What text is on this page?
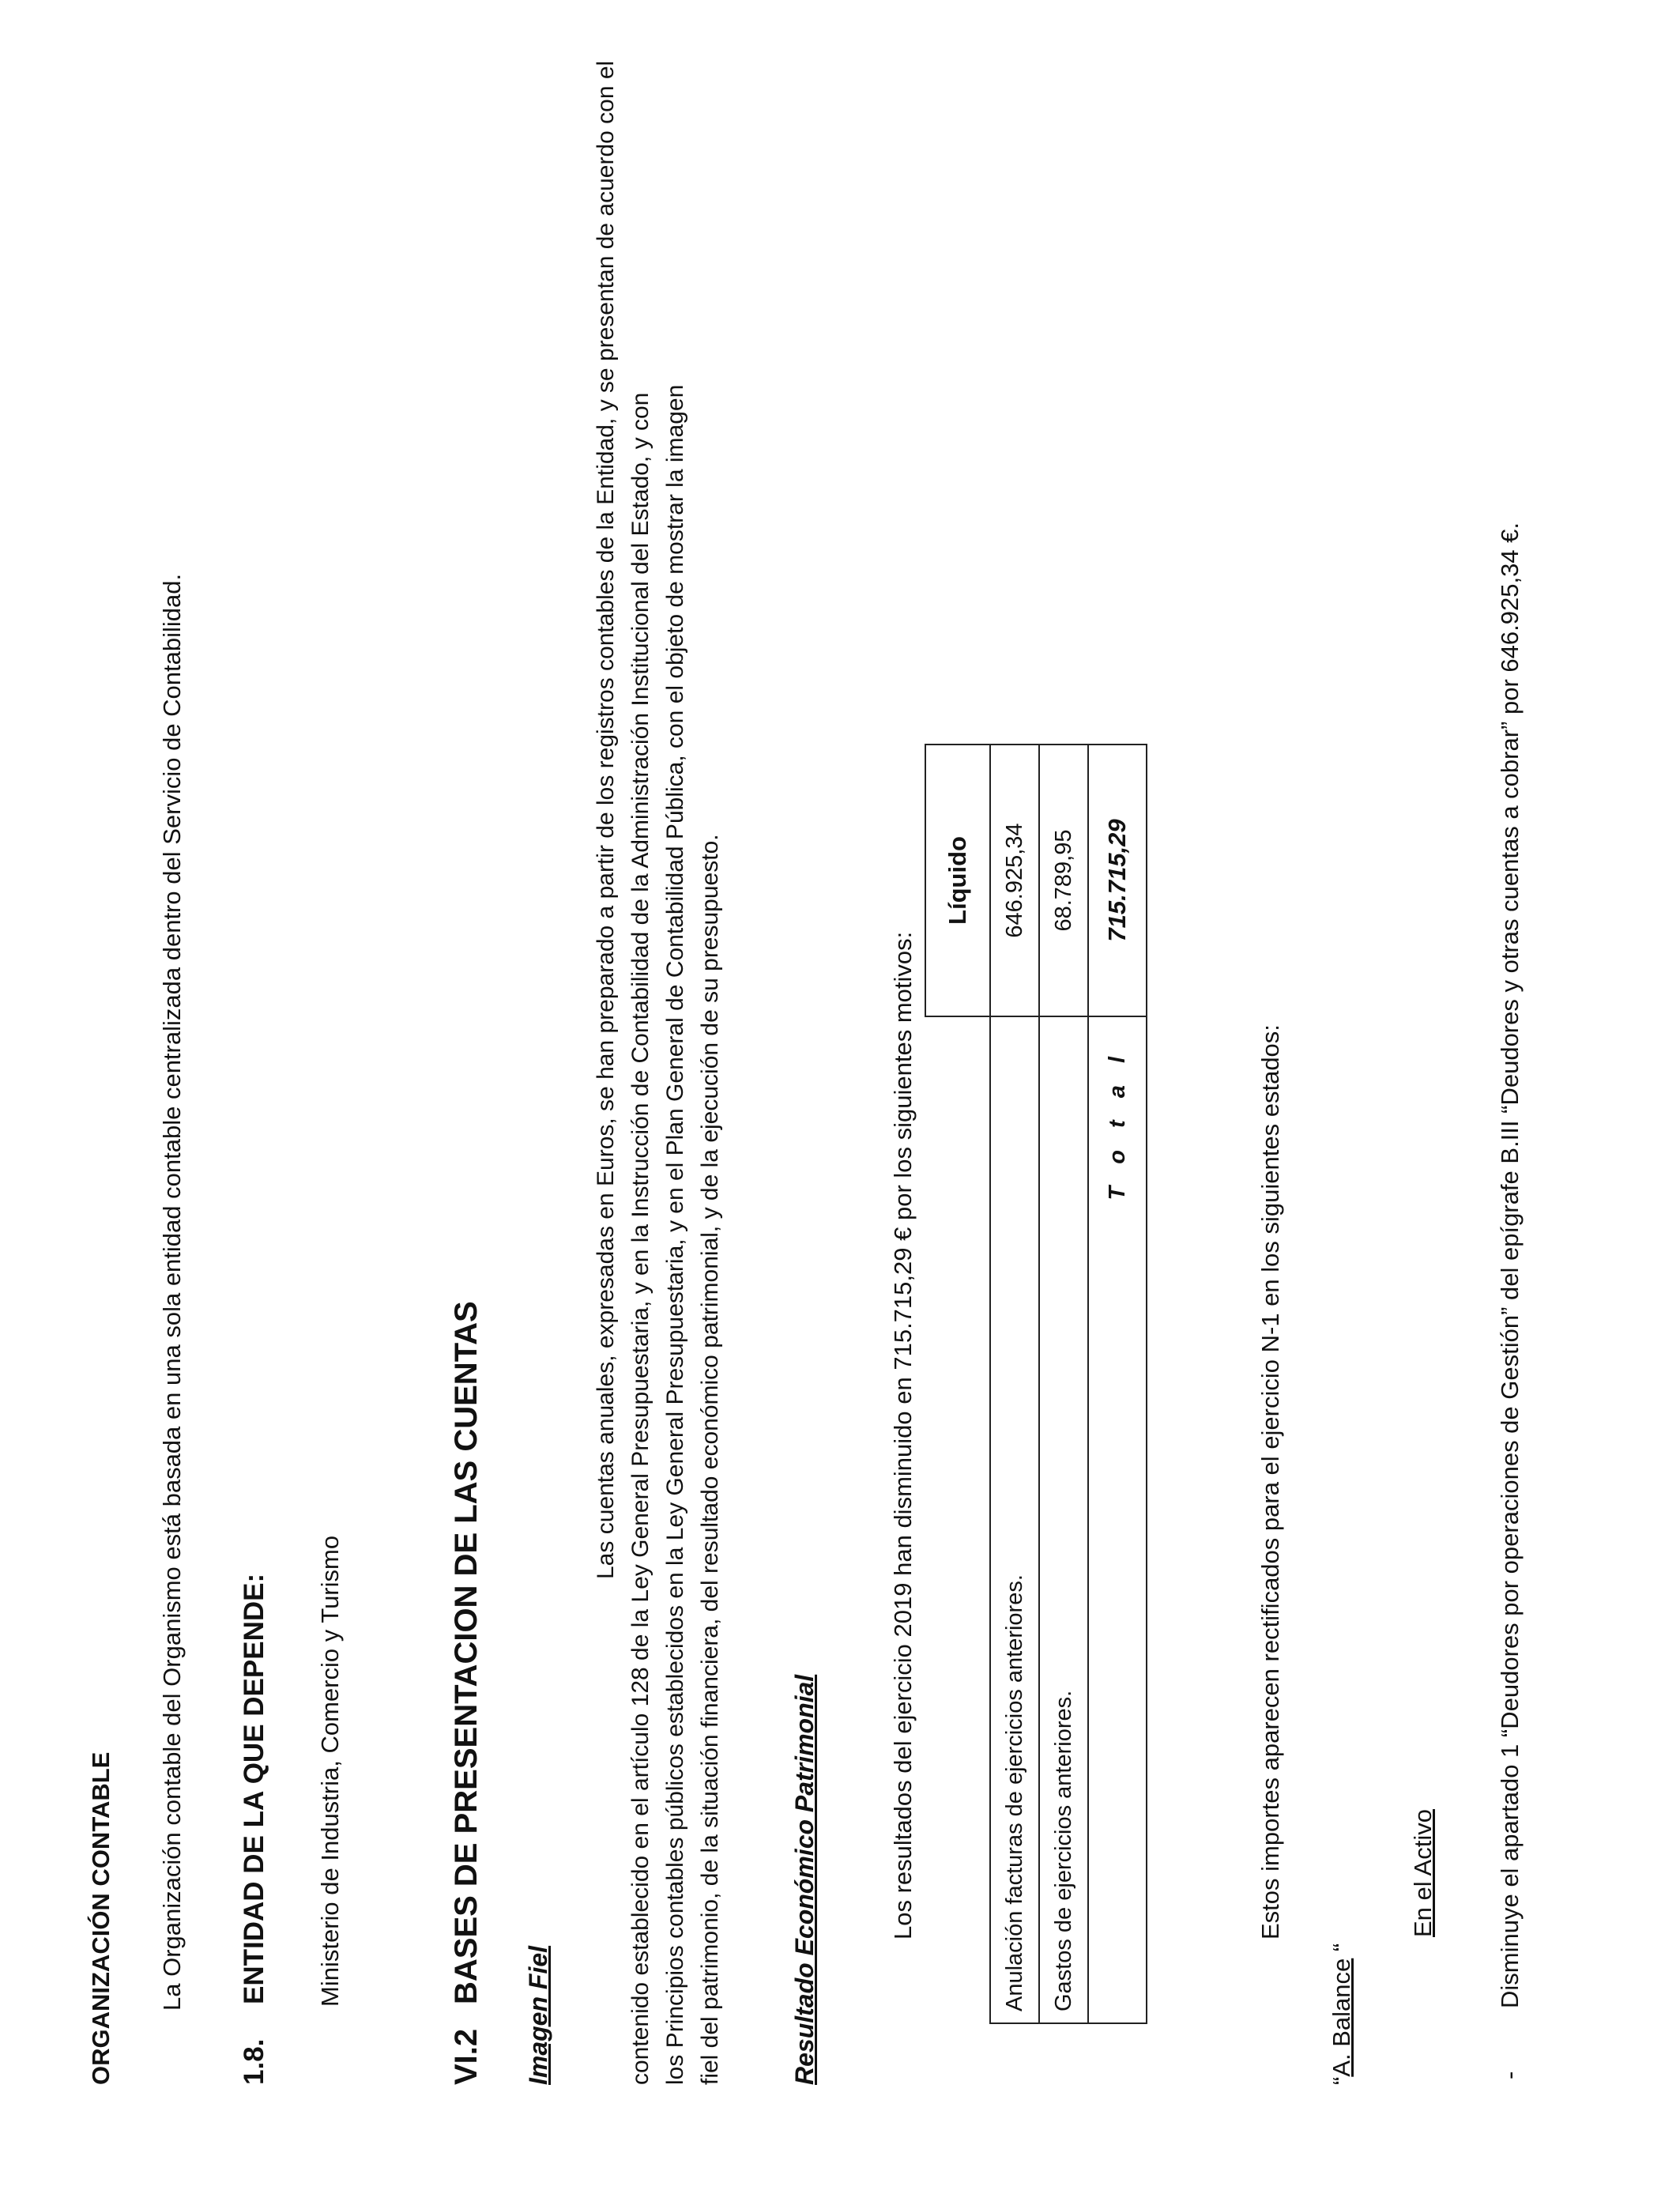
ORGANIZACIÓN CONTABLE La Organización contable del Organismo está basada en una sola entidad contable centralizada dentro del Servicio de Contabilidad.
1.8.
ENTIDAD DE LA QUE DEPENDE: Ministerio de Industria, Comercio y Turismo
VI.2
BASES DE PRESENTACION DE LAS CUENTAS
Imagen Fiel
Las cuentas anuales, expresadas en Euros, se han preparado a partir de los registros contables de la Entidad, y se presentan de acuerdo con el contenido establecido en el artículo 128 de la Ley General Presupuestaria, y en la Instrucción de Contabilidad de la Administración Institucional del Estado, y con los Principios contables públicos establecidos en la Ley General Presupuestaria, y en el Plan General de Contabilidad Pública, con el objeto de mostrar la imagen fiel del patrimonio, de la situación financiera, del resultado económico patrimonial, y de la ejecución de su presupuesto.	Resultado Económico Patrimonial	Los resultados del ejercicio 2019 han disminuido en 715.715,29 € por los siguientes motivos:
	Líquido
Anulación facturas de ejercicios anteriores.	646.925,34
Gastos de ejercicios anteriores.	68.789,95
T o t a l	715.715,29
Estos importes aparecen rectificados para el ejercicio N-1 en los siguientes estados:
“A. Balance “
En el Activo
-
Disminuye el apartado 1 “Deudores por operaciones de Gestión” del epígrafe B.III “Deudores y otras cuentas a cobrar” por 646.925,34 €.
